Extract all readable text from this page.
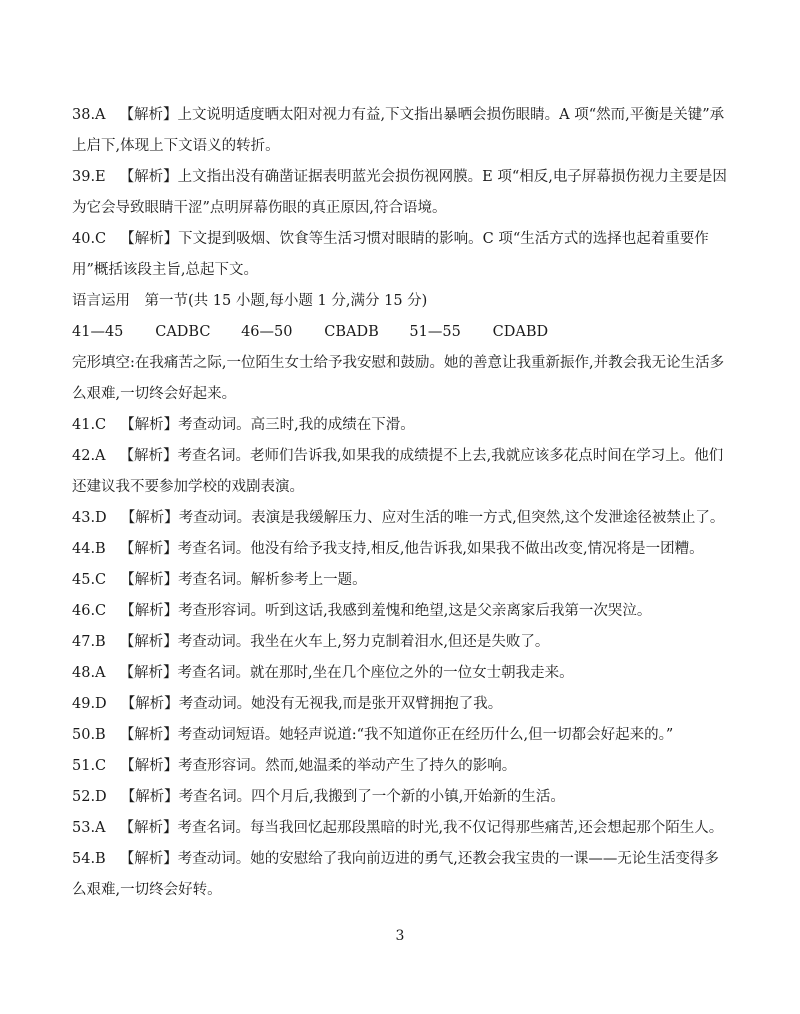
38.A 【解析】上文说明适度晒太阳对视力有益,下文指出暴晒会损伤眼睛。A 项“然而,平衡是关键”承上启下,体现上下文语义的转折。

39.E 【解析】上文指出没有确凿证据表明蓝光会损伤视网膜。E 项“相反,电子屏幕损伤视力主要是因为它会导致眼睛干涩”点明屏幕伤眼的真正原因,符合语境。

40.C 【解析】下文提到吸烟、饮食等生活习惯对眼睛的影响。C 项“生活方式的选择也起着重要作用”概括该段主旨,总起下文。

语言运用　第一节(共 15 小题,每小题 1 分,满分 15 分)

41—45 CADBC 46—50 CBADB 51—55 CDABD

完形填空:在我痛苦之际,一位陌生女士给予我安慰和鼓励。她的善意让我重新振作,并教会我无论生活多么艰难,一切终会好起来。

41.C 【解析】考查动词。高三时,我的成绩在下滑。

42.A 【解析】考查名词。老师们告诉我,如果我的成绩提不上去,我就应该多花点时间在学习上。他们还建议我不要参加学校的戏剧表演。

43.D 【解析】考查动词。表演是我缓解压力、应对生活的唯一方式,但突然,这个发泄途径被禁止了。

44.B 【解析】考查名词。他没有给予我支持,相反,他告诉我,如果我不做出改变,情况将是一团糟。

45.C 【解析】考查名词。解析参考上一题。

46.C 【解析】考查形容词。听到这话,我感到羞愧和绝望,这是父亲离家后我第一次哭泣。

47.B 【解析】考查动词。我坐在火车上,努力克制着泪水,但还是失败了。

48.A 【解析】考查名词。就在那时,坐在几个座位之外的一位女士朝我走来。

49.D 【解析】考查动词。她没有无视我,而是张开双臂拥抱了我。

50.B 【解析】考查动词短语。她轻声说道:“我不知道你正在经历什么,但一切都会好起来的。”

51.C 【解析】考查形容词。然而,她温柔的举动产生了持久的影响。

52.D 【解析】考查名词。四个月后,我搬到了一个新的小镇,开始新的生活。

53.A 【解析】考查名词。每当我回忆起那段黑暗的时光,我不仅记得那些痛苦,还会想起那个陌生人。

54.B 【解析】考查动词。她的安慰给了我向前迈进的勇气,还教会我宝贵的一课——无论生活变得多么艰难,一切终会好转。

3
